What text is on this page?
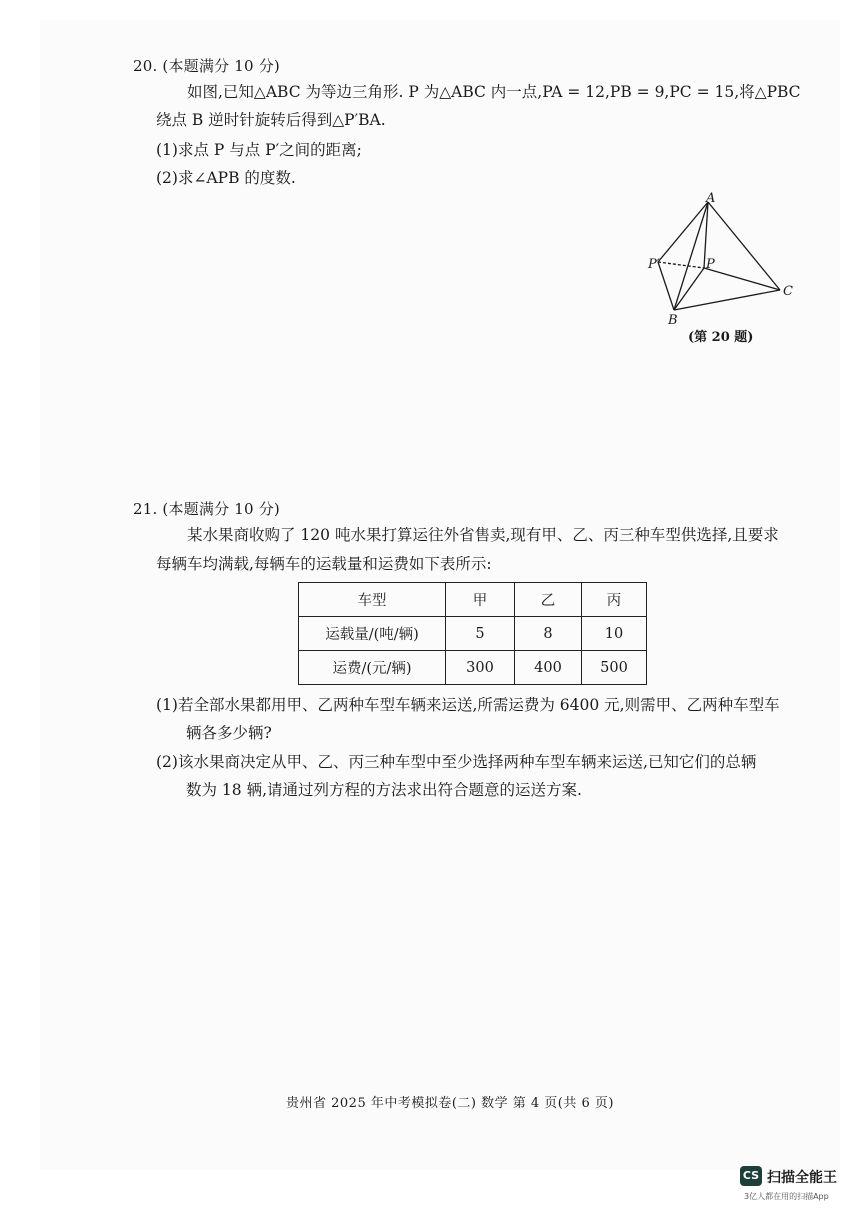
20. (本题满分 10 分)
如图,已知△ABC 为等边三角形. P 为△ABC 内一点,PA = 12,PB = 9,PC = 15,将△PBC
绕点 B 逆时针旋转后得到△P′BA.
(1)求点 P 与点 P′之间的距离;
(2)求∠APB 的度数.
A
B
C
P
P′
(第 20 题)
21. (本题满分 10 分)
某水果商收购了 120 吨水果打算运往外省售卖,现有甲、乙、丙三种车型供选择,且要求
每辆车均满载,每辆车的运载量和运费如下表所示:
车型	甲	乙	丙
运载量/(吨/辆)	5	8	10
运费/(元/辆)	300	400	500
(1)若全部水果都用甲、乙两种车型车辆来运送,所需运费为 6400 元,则需甲、乙两种车型车
辆各多少辆?
(2)该水果商决定从甲、乙、丙三种车型中至少选择两种车型车辆来运送,已知它们的总辆
数为 18 辆,请通过列方程的方法求出符合题意的运送方案.
贵州省 2025 年中考模拟卷(二) 数学 第 4 页(共 6 页)
CS 扫描全能王
3亿人都在用的扫描App
